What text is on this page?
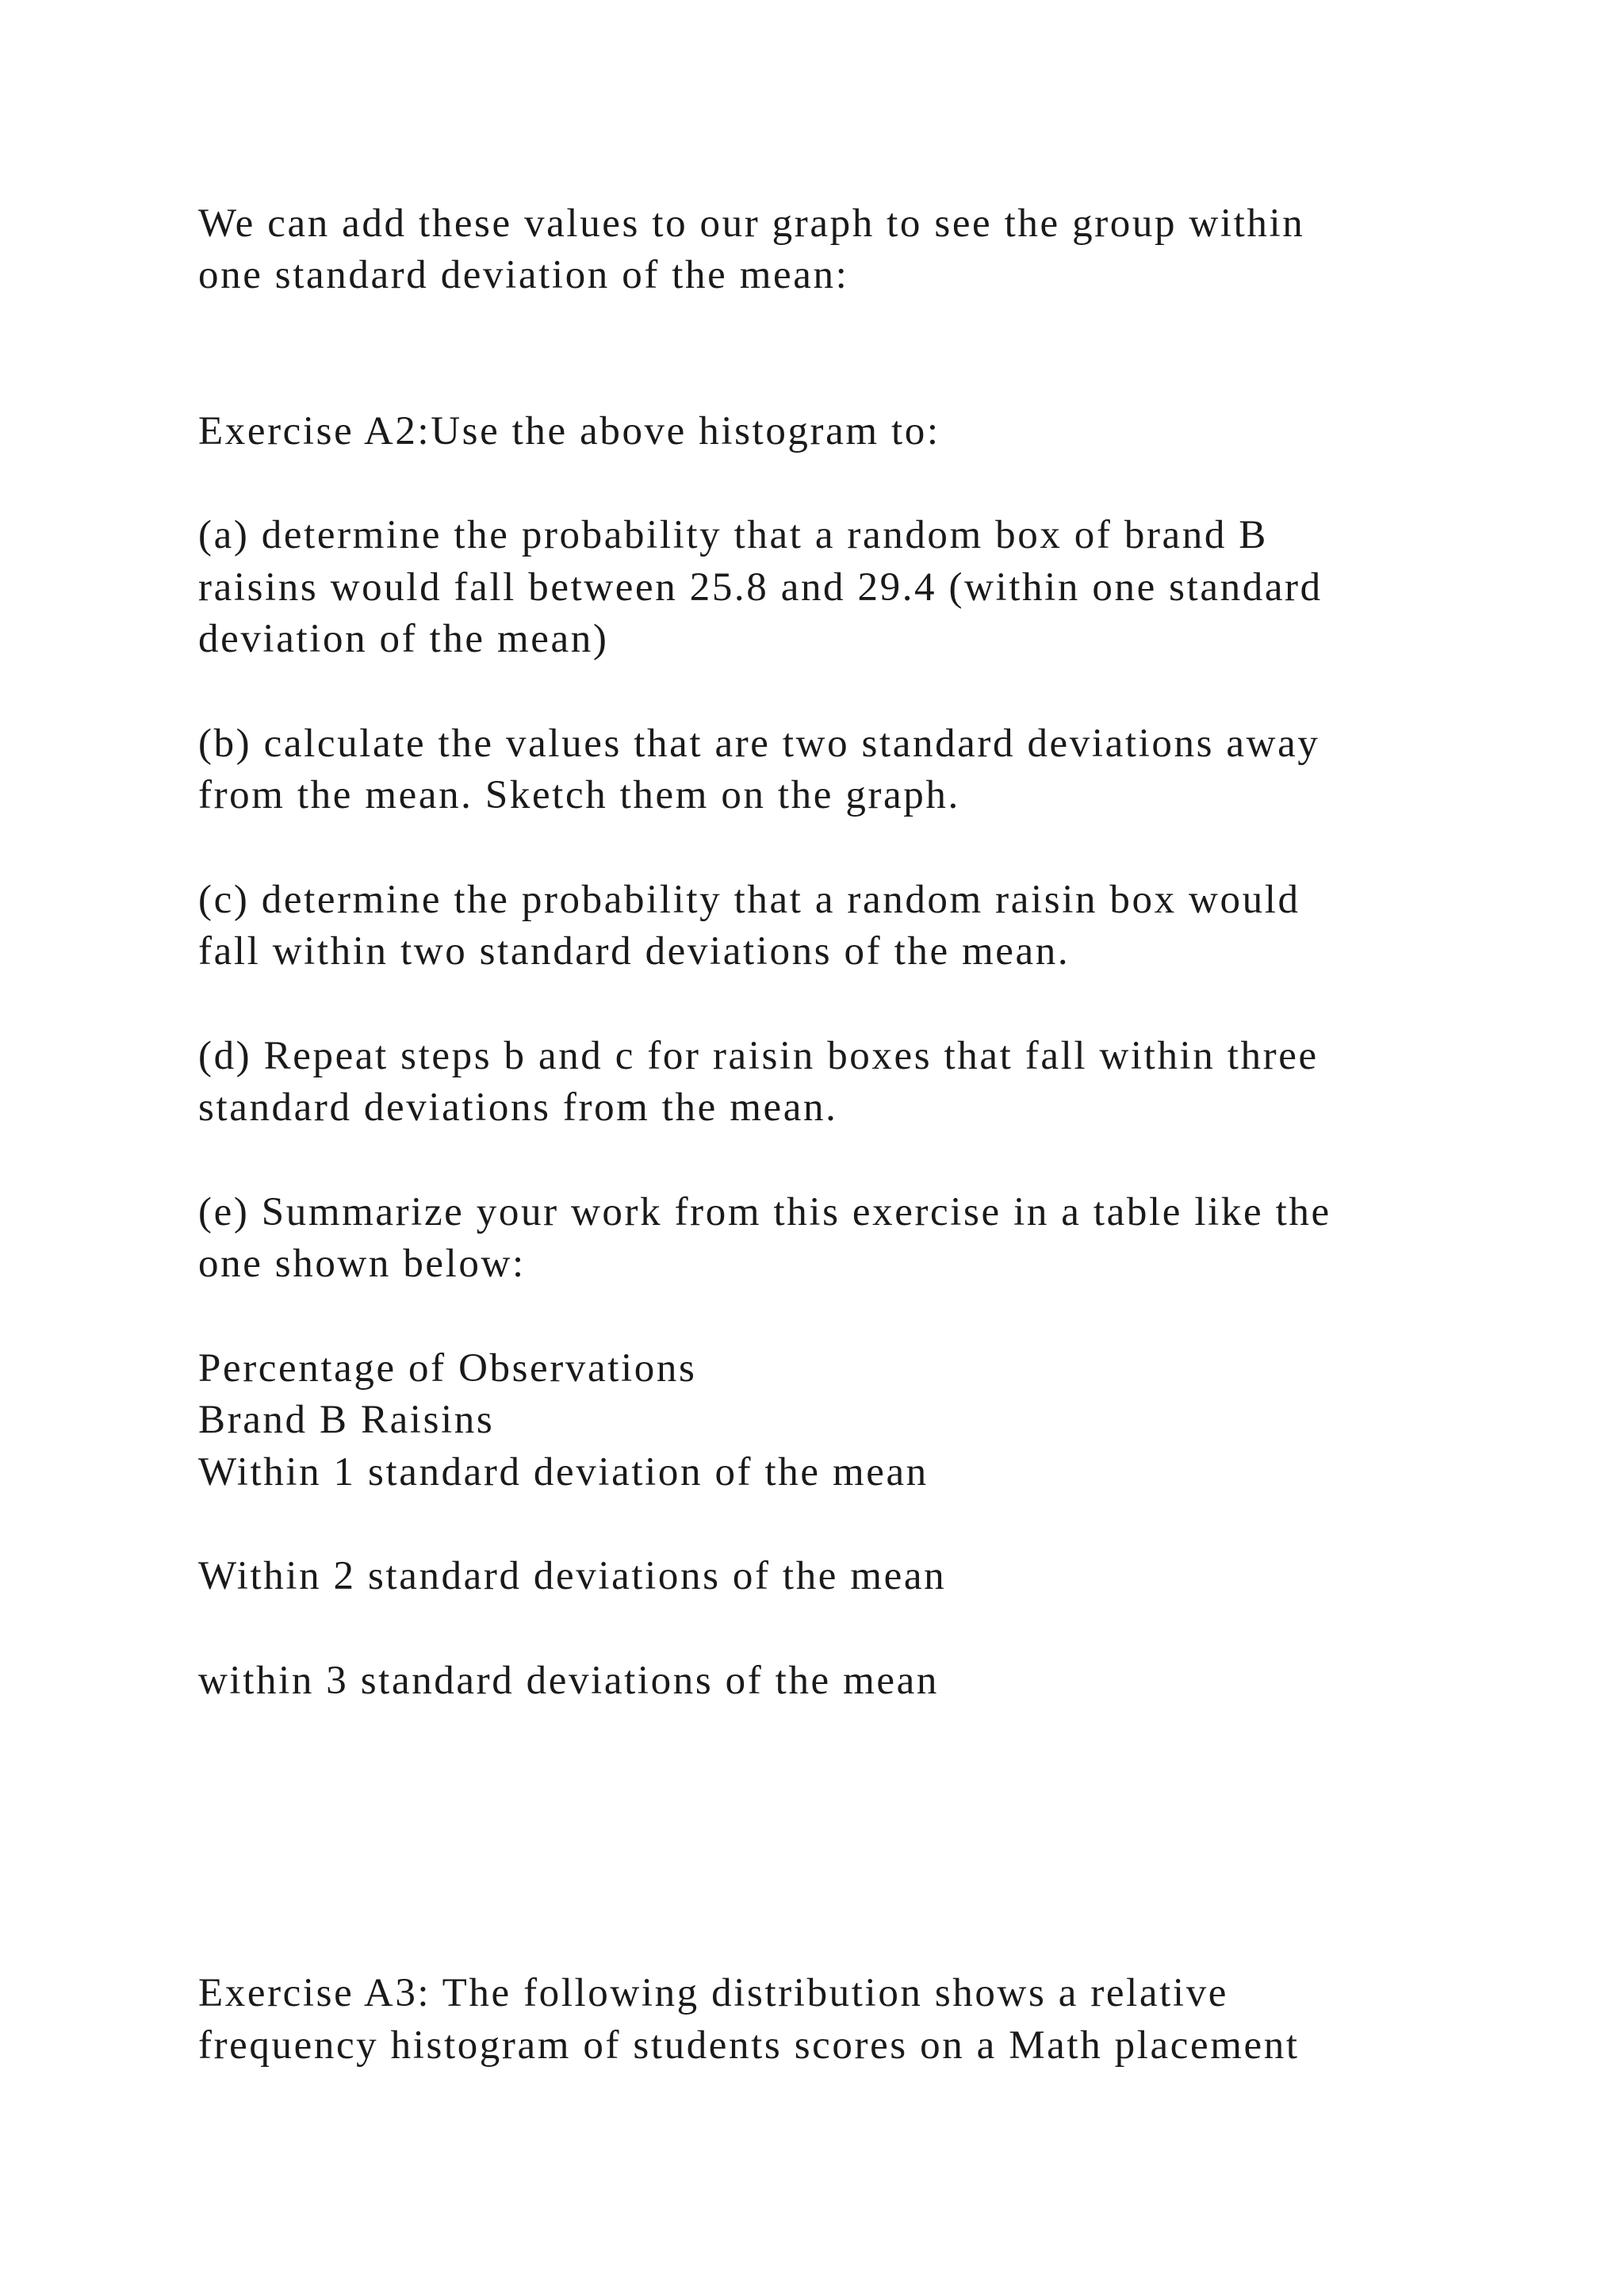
We can add these values to our graph to see the group within

one standard deviation of the mean:

Exercise A2:Use the above histogram to:

(a) determine the probability that a random box of brand B

raisins would fall between 25.8 and 29.4 (within one standard

deviation of the mean)

(b) calculate the values that are two standard deviations away

from the mean. Sketch them on the graph.

(c) determine the probability that a random raisin box would

fall within two standard deviations of the mean.

(d) Repeat steps b and c for raisin boxes that fall within three

standard deviations from the mean.

(e) Summarize your work from this exercise in a table like the

one shown below:

Percentage of Observations

Brand B Raisins

Within 1 standard deviation of the mean

Within 2 standard deviations of the mean

within 3 standard deviations of the mean

Exercise A3: The following distribution shows a relative

frequency histogram of students scores on a Math placement
